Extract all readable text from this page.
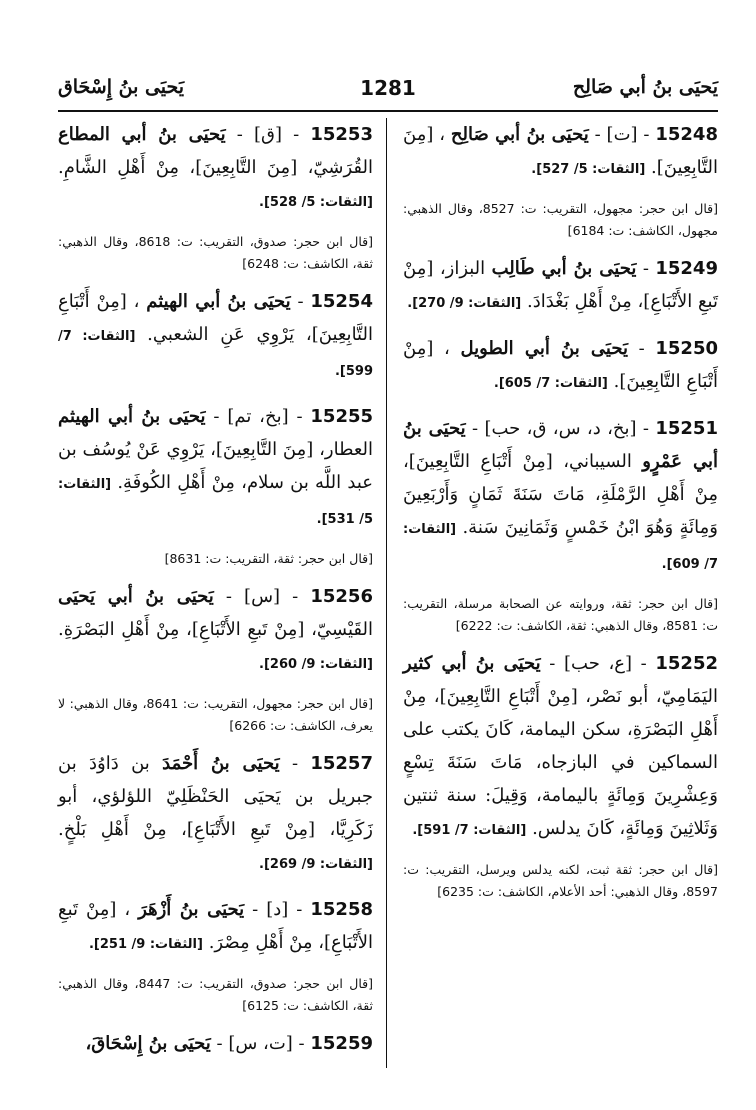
يَحيَى بنُ أبي صَالِح
1281
يَحيَى بنُ إِسْحَاق
15248 - [ت] - يَحيَى بنُ أبي صَالِح ، [مِنَ التَّابِعِينَ]. [الثقات: 5/ 527].
[قال ابن حجر: مجهول، التقريب: ت: 8527، وقال الذهبي: مجهول، الكاشف: ت: 6184]
15249 - يَحيَى بنُ أبي طَالِب البزاز، [مِنْ تَبعِ الأَتْبَاعِ]، مِنْ أَهْلِ بَغْدَادَ. [الثقات: 9/ 270].
15250 - يَحيَى بنُ أبي الطويل ، [مِنْ أَتْبَاعِ التَّابِعِينَ]. [الثقات: 7/ 605].
15251 - [بخ، د، س، ق، حب] - يَحيَى بنُ أبي عَمْرٍو السيباني، [مِنْ أَتْبَاعِ التَّابِعِينَ]، مِنْ أَهْلِ الرَّمْلَةِ، مَاتَ سَنَةَ ثَمَانٍ وَأَرْبَعِينَ وَمِائَةٍ وَهُوَ ابْنُ خَمْسٍ وَثَمَانِينَ سَنة. [الثقات: 7/ 609].
[قال ابن حجر: ثقة، وروايته عن الصحابة مرسلة، التقريب: ت: 8581، وقال الذهبي: ثقة، الكاشف: ت: 6222]
15252 - [ع، حب] - يَحيَى بنُ أبي كثير اليَمَامِيّ، أبو نَصْر، [مِنْ أَتْبَاعِ التَّابِعِينَ]، مِنْ أَهْلِ البَصْرَةِ، سكن اليمامة، كَانَ يكتب على السماكين في البازجاه، مَاتَ سَنَةَ تِسْعٍ وَعِشْرِينَ وَمِائَةٍ باليمامة، وَقِيلَ: سنة ثنتين وَثَلاثِينَ وَمِائَةٍ، كَانَ يدلس. [الثقات: 7/ 591].
[قال ابن حجر: ثقة ثبت، لكنه يدلس ويرسل، التقريب: ت: 8597، وقال الذهبي: أحد الأعلام، الكاشف: ت: 6235]
15253 - [ق] - يَحيَى بنُ أبي المطاع القُرَشِيّ، [مِنَ التَّابِعِينَ]، مِنْ أَهْلِ الشَّامِ. [الثقات: 5/ 528].
[قال ابن حجر: صدوق، التقريب: ت: 8618، وقال الذهبي: ثقة، الكاشف: ت: 6248]
15254 - يَحيَى بنُ أبي الهيثم ، [مِنْ أَتْبَاعِ التَّابِعِينَ]، يَرْوِي عَنِ الشعبي. [الثقات: 7/ 599].
15255 - [بخ، تم] - يَحيَى بنُ أبي الهيثم العطار، [مِنَ التَّابِعِينَ]، يَرْوِي عَنْ يُوسُف بن عبد اللَّه بن سلام، مِنْ أَهْلِ الكُوفَةِ. [الثقات: 5/ 531].
[قال ابن حجر: ثقة، التقريب: ت: 8631]
15256 - [س] - يَحيَى بنُ أبي يَحيَى القَيْسِيّ، [مِنْ تَبعِ الأَتْبَاعِ]، مِنْ أَهْلِ البَصْرَةِ. [الثقات: 9/ 260].
[قال ابن حجر: مجهول، التقريب: ت: 8641، وقال الذهبي: لا يعرف، الكاشف: ت: 6266]
15257 - يَحيَى بنُ أَحْمَدَ بن دَاوُدَ بن جبريل بن يَحيَى الحَنْظَلِيّ اللؤلؤي، أبو زَكَرِيَّا، [مِنْ تَبعِ الأَتْبَاعِ]، مِنْ أَهْلِ بَلْخٍ. [الثقات: 9/ 269].
15258 - [د] - يَحيَى بنُ أَزْهَرَ ، [مِنْ تَبعِ الأَتْبَاعِ]، مِنْ أَهْلِ مِصْرَ. [الثقات: 9/ 251].
[قال ابن حجر: صدوق، التقريب: ت: 8447، وقال الذهبي: ثقة، الكاشف: ت: 6125]
15259 - [ت، س] - يَحيَى بنُ إِسْحَاقَ،
